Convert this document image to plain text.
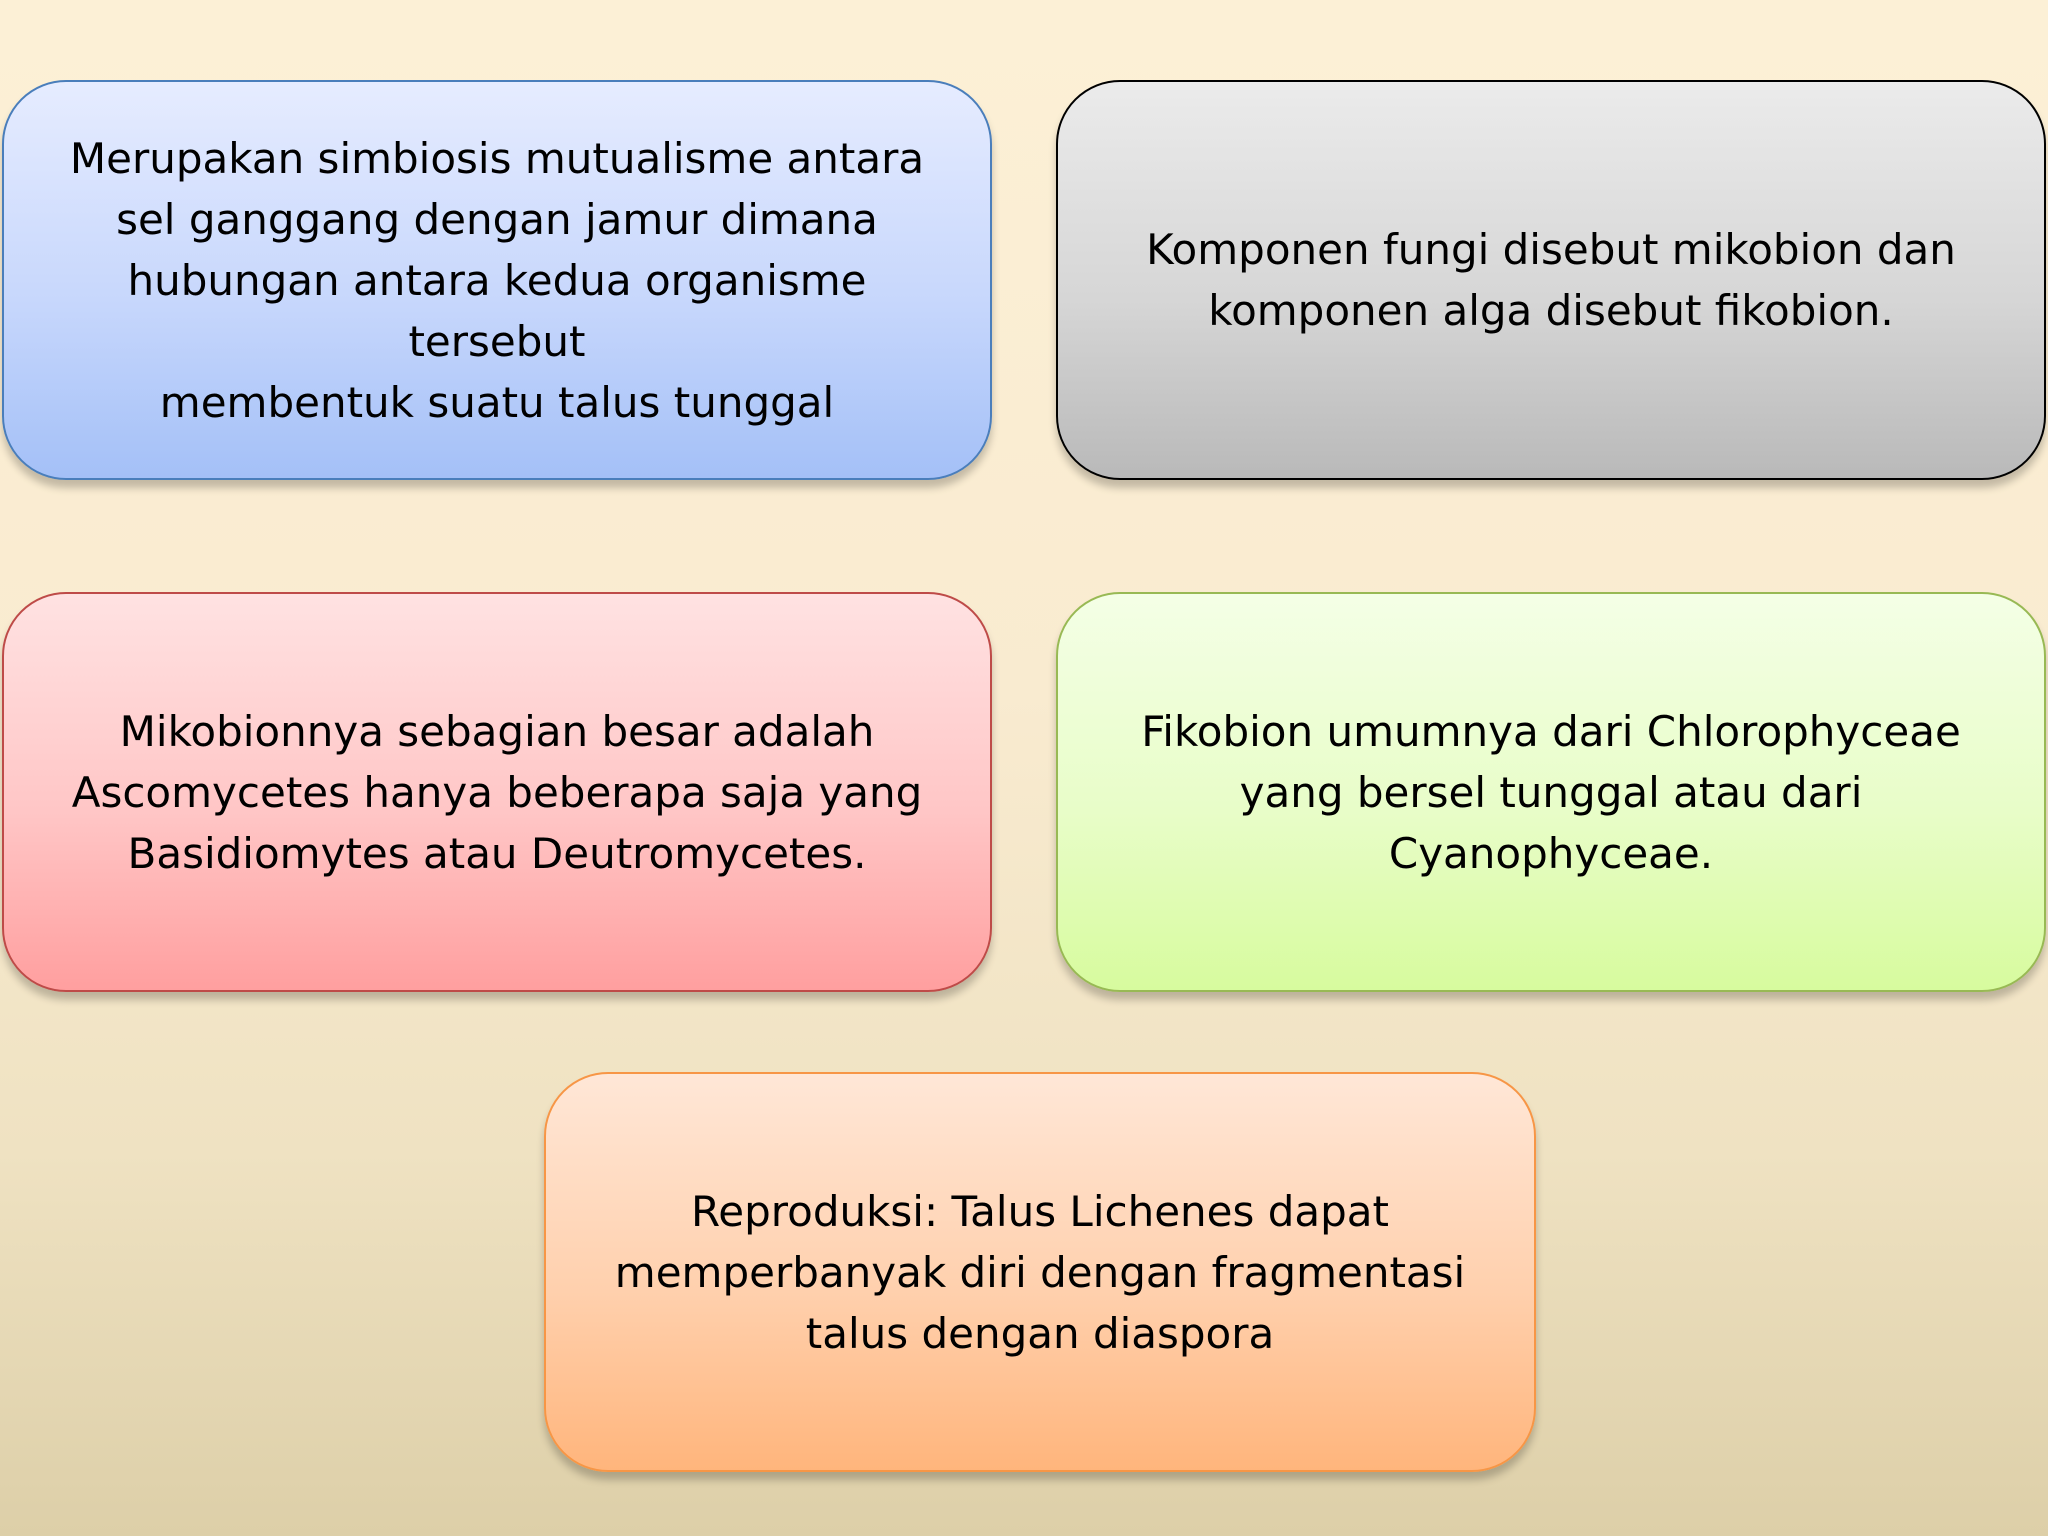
Merupakan simbiosis mutualisme antara
sel ganggang dengan jamur dimana
hubungan antara kedua organisme tersebut
membentuk suatu talus tunggal
Komponen fungi disebut mikobion dan
komponen alga disebut fikobion.
Mikobionnya sebagian besar adalah
Ascomycetes hanya beberapa saja yang
Basidiomytes atau Deutromycetes.
Fikobion umumnya dari Chlorophyceae
yang bersel tunggal atau dari
Cyanophyceae.
Reproduksi: Talus Lichenes dapat
memperbanyak diri dengan fragmentasi
talus dengan diaspora
